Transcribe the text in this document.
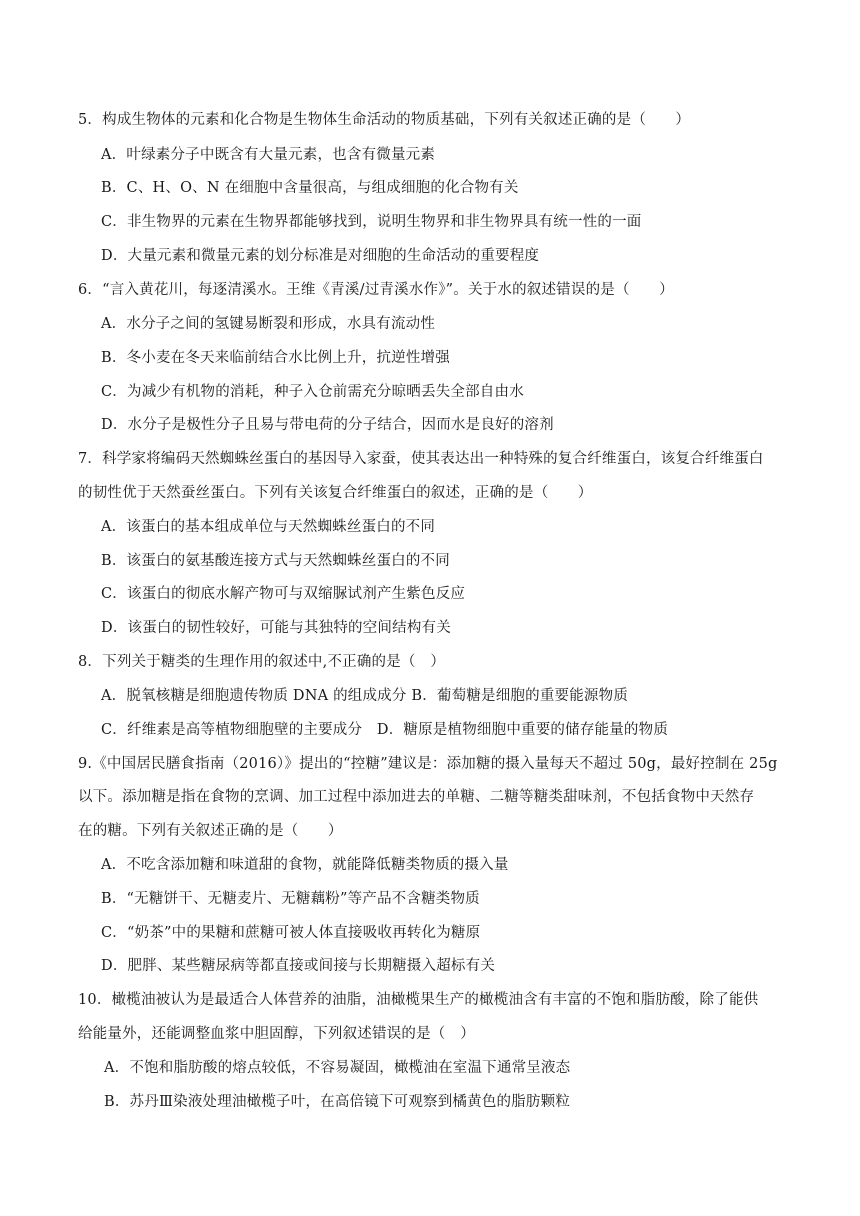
5．构成生物体的元素和化合物是生物体生命活动的物质基础，下列有关叙述正确的是（　　）
A．叶绿素分子中既含有大量元素，也含有微量元素
B．C、H、O、N 在细胞中含量很高，与组成细胞的化合物有关
C．非生物界的元素在生物界都能够找到，说明生物界和非生物界具有统一性的一面
D．大量元素和微量元素的划分标准是对细胞的生命活动的重要程度
6．“言入黄花川，每逐清溪水。王维《青溪/过青溪水作》”。关于水的叙述错误的是（　　）
A．水分子之间的氢键易断裂和形成，水具有流动性
B．冬小麦在冬天来临前结合水比例上升，抗逆性增强
C．为减少有机物的消耗，种子入仓前需充分晾晒丢失全部自由水
D．水分子是极性分子且易与带电荷的分子结合，因而水是良好的溶剂
7．科学家将编码天然蜘蛛丝蛋白的基因导入家蚕，使其表达出一种特殊的复合纤维蛋白，该复合纤维蛋白
的韧性优于天然蚕丝蛋白。下列有关该复合纤维蛋白的叙述，正确的是（　　）
A．该蛋白的基本组成单位与天然蜘蛛丝蛋白的不同
B．该蛋白的氨基酸连接方式与天然蜘蛛丝蛋白的不同
C．该蛋白的彻底水解产物可与双缩脲试剂产生紫色反应
D．该蛋白的韧性较好，可能与其独特的空间结构有关
8．下列关于糖类的生理作用的叙述中,不正确的是（　）
A．脱氧核糖是细胞遗传物质 DNA 的组成成分 B．葡萄糖是细胞的重要能源物质
C．纤维素是高等植物细胞壁的主要成分　D．糖原是植物细胞中重要的储存能量的物质
9.《中国居民膳食指南（2016）》提出的“控糖”建议是：添加糖的摄入量每天不超过 50g，最好控制在 25g
以下。添加糖是指在食物的烹调、加工过程中添加进去的单糖、二糖等糖类甜味剂，不包括食物中天然存
在的糖。下列有关叙述正确的是（　　）
A．不吃含添加糖和味道甜的食物，就能降低糖类物质的摄入量
B．“无糖饼干、无糖麦片、无糖藕粉”等产品不含糖类物质
C．“奶茶”中的果糖和蔗糖可被人体直接吸收再转化为糖原
D．肥胖、某些糖尿病等都直接或间接与长期糖摄入超标有关
10．橄榄油被认为是最适合人体营养的油脂，油橄榄果生产的橄榄油含有丰富的不饱和脂肪酸，除了能供
给能量外，还能调整血浆中胆固醇，下列叙述错误的是（　）
A．不饱和脂肪酸的熔点较低，不容易凝固，橄榄油在室温下通常呈液态
B．苏丹Ⅲ染液处理油橄榄子叶，在高倍镜下可观察到橘黄色的脂肪颗粒
